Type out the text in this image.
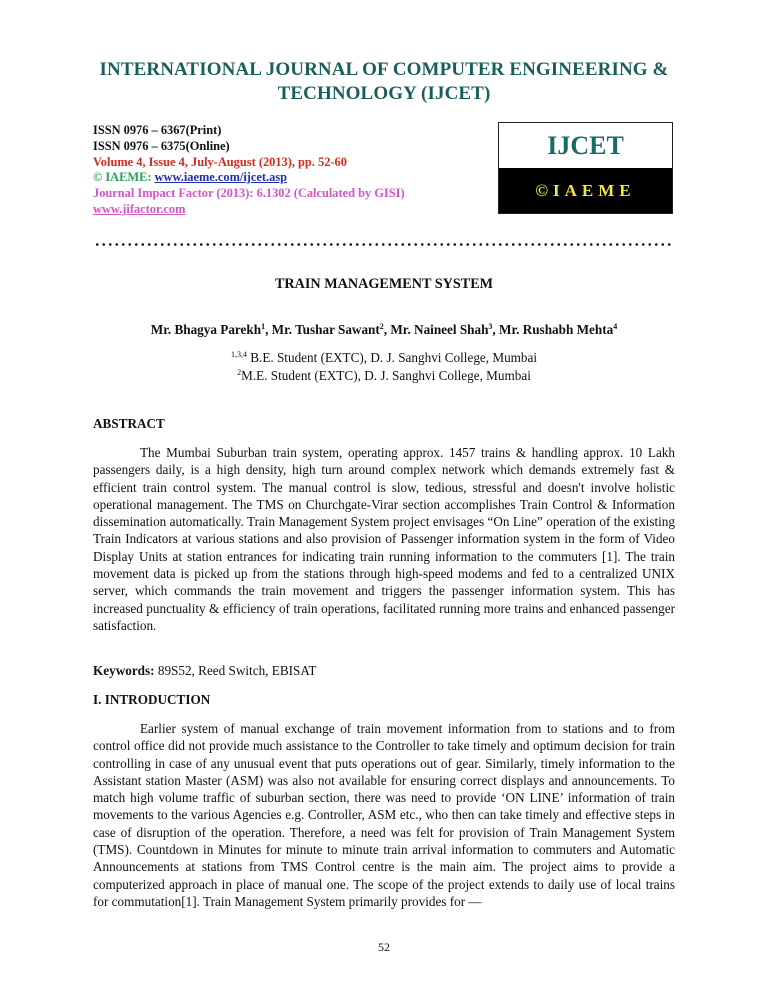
INTERNATIONAL JOURNAL OF COMPUTER ENGINEERING &
TECHNOLOGY (IJCET)
ISSN 0976 – 6367(Print)
ISSN 0976 – 6375(Online)
Volume 4, Issue 4, July-August (2013), pp. 52-60
© IAEME: www.iaeme.com/ijcet.asp
Journal Impact Factor (2013): 6.1302 (Calculated by GISI)
www.jifactor.com
IJCET
©IAEME
TRAIN MANAGEMENT SYSTEM
Mr. Bhagya Parekh$^1$, Mr. Tushar Sawant$^2$, Mr. Naineel Shah$^3$, Mr. Rushabh Mehta$^4$
$^{1,3,4}$ B.E. Student (EXTC), D. J. Sanghvi College, Mumbai
$^2$M.E. Student (EXTC), D. J. Sanghvi College, Mumbai
ABSTRACT

The Mumbai Suburban train system, operating approx. 1457 trains & handling approx. 10 Lakh passengers daily, is a high density, high turn around complex network which demands extremely fast & efficient train control system. The manual control is slow, tedious, stressful and doesn't involve holistic operational management. The TMS on Churchgate-Virar section accomplishes Train Control & Information dissemination automatically. Train Management System project envisages “On Line” operation of the existing Train Indicators at various stations and also provision of Passenger information system in the form of Video Display Units at station entrances for indicating train running information to the commuters [1]. The train movement data is picked up from the stations through high-speed modems and fed to a centralized UNIX server, which commands the train movement and triggers the passenger information system. This has increased punctuality & efficiency of train operations, facilitated running more trains and enhanced passenger satisfaction.

Keywords: 89S52, Reed Switch, EBISAT
I. INTRODUCTION

Earlier system of manual exchange of train movement information from to stations and to from control office did not provide much assistance to the Controller to take timely and optimum decision for train controlling in case of any unusual event that puts operations out of gear. Similarly, timely information to the Assistant station Master (ASM) was also not available for ensuring correct displays and announcements. To match high volume traffic of suburban section, there was need to provide ‘ON LINE’ information of train movements to the various Agencies e.g. Controller, ASM etc., who then can take timely and effective steps in case of disruption of the operation. Therefore, a need was felt for provision of Train Management System (TMS). Countdown in Minutes for minute to minute train arrival information to commuters and Automatic Announcements at stations from TMS Control centre is the main aim. The project aims to provide a computerized approach in place of manual one. The scope of the project extends to daily use of local trains for commutation[1]. Train Management System primarily provides for —

52
